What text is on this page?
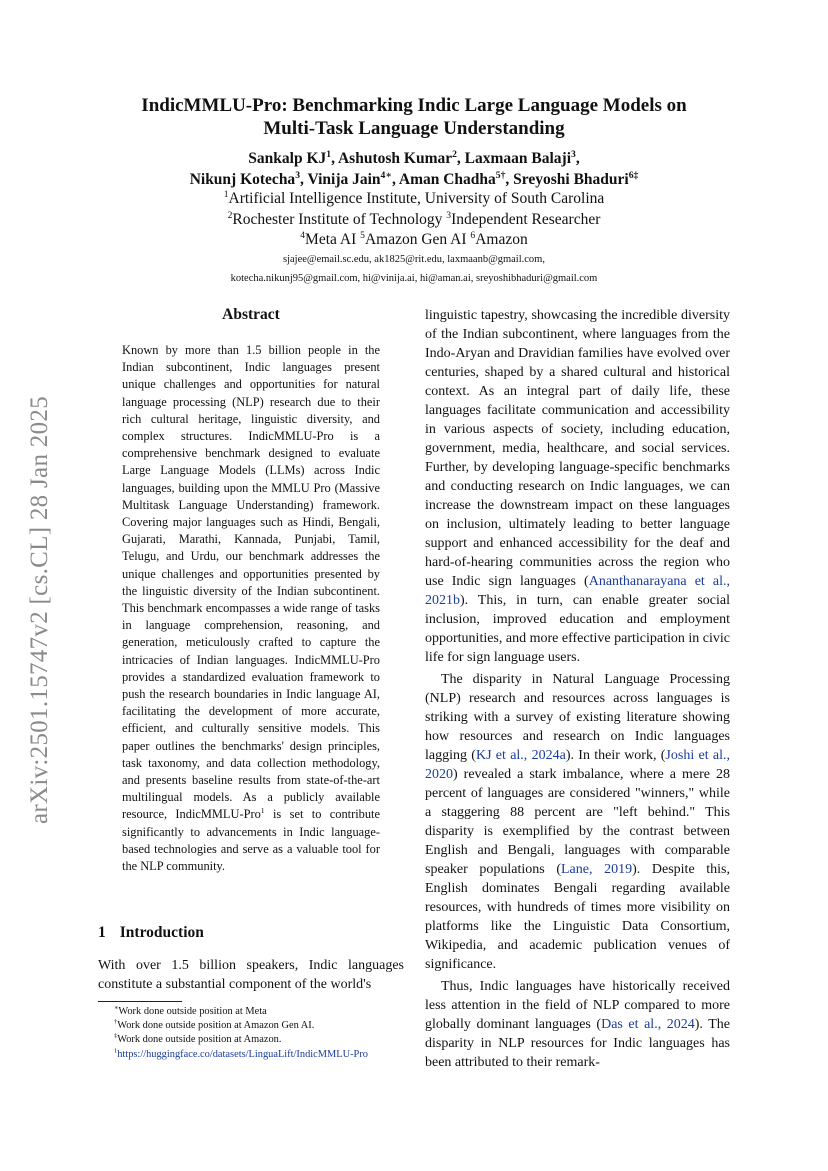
arXiv:2501.15747v2 [cs.CL] 28 Jan 2025
IndicMMLU-Pro: Benchmarking Indic Large Language Models on
Multi-Task Language Understanding
Sankalp $KJ^1$, Ashutosh Kumar$^2$, Laxmaan Balaji$^3$,
Nikunj Kotecha$^3$, Vinija Jain$^{4∗}$, Aman Chadha$^{5\dagger}$, Sreyoshi Bhaduri$^{6\ddagger}$
$^1$Artificial Intelligence Institute, University of South Carolina
$^2$Rochester Institute of Technology $^3$Independent Researcher
$^4$Meta AI $^5$Amazon Gen AI $^6$Amazon
sjajee@email.sc.edu, ak1825@rit.edu, laxmaanb@gmail.com,
kotecha.nikunj95@gmail.com, hi@vinija.ai, hi@aman.ai, sreyoshibhaduri@gmail.com
Abstract
Known by more than 1.5 billion people in the Indian subcontinent, Indic languages present unique challenges and opportunities for natural language processing (NLP) research due to their rich cultural heritage, linguistic diversity, and complex structures. IndicMMLU-Pro is a comprehensive benchmark designed to evaluate Large Language Models (LLMs) across Indic languages, building upon the MMLU Pro (Massive Multitask Language Understanding) framework. Covering major languages such as Hindi, Bengali, Gujarati, Marathi, Kannada, Punjabi, Tamil, Telugu, and Urdu, our benchmark addresses the unique challenges and opportunities presented by the linguistic diversity of the Indian subcontinent. This benchmark encompasses a wide range of tasks in language comprehension, reasoning, and generation, meticulously crafted to capture the intricacies of Indian languages. IndicMMLU-Pro provides a standardized evaluation framework to push the research boundaries in Indic language AI, facilitating the development of more accurate, efficient, and culturally sensitive models. This paper outlines the benchmarks' design principles, task taxonomy, and data collection methodology, and presents baseline results from state-of-the-art multilingual models. As a publicly available resource, IndicMMLU-Pro$^1$ is set to contribute significantly to advancements in Indic language-based technologies and serve as a valuable tool for the NLP community.
1 Introduction
With over 1.5 billion speakers, Indic languages constitute a substantial component of the world's
∗Work done outside position at Meta
†Work done outside position at Amazon Gen AI.
‡Work done outside position at Amazon.
$^1$https://huggingface.co/datasets/LinguaLift/IndicMMLU-Pro

linguistic tapestry, showcasing the incredible diversity of the Indian subcontinent, where languages from the Indo-Aryan and Dravidian families have evolved over centuries, shaped by a shared cultural and historical context. As an integral part of daily life, these languages facilitate communication and accessibility in various aspects of society, including education, government, media, healthcare, and social services. Further, by developing language-specific benchmarks and conducting research on Indic languages, we can increase the downstream impact on these languages on inclusion, ultimately leading to better language support and enhanced accessibility for the deaf and hard-of-hearing communities across the region who use Indic sign languages (Ananthanarayana et al., 2021b). This, in turn, can enable greater social inclusion, improved education and employment opportunities, and more effective participation in civic life for sign language users.

The disparity in Natural Language Processing (NLP) research and resources across languages is striking with a survey of existing literature showing how resources and research on Indic languages lagging (KJ et al., 2024a). In their work, (Joshi et al., 2020) revealed a stark imbalance, where a mere 28 percent of languages are considered "winners," while a staggering 88 percent are "left behind." This disparity is exemplified by the contrast between English and Bengali, languages with comparable speaker populations (Lane, 2019). Despite this, English dominates Bengali regarding available resources, with hundreds of times more visibility on platforms like the Linguistic Data Consortium, Wikipedia, and academic publication venues of significance.

Thus, Indic languages have historically received less attention in the field of NLP compared to more globally dominant languages (Das et al., 2024). The disparity in NLP resources for Indic languages has been attributed to their remark-
